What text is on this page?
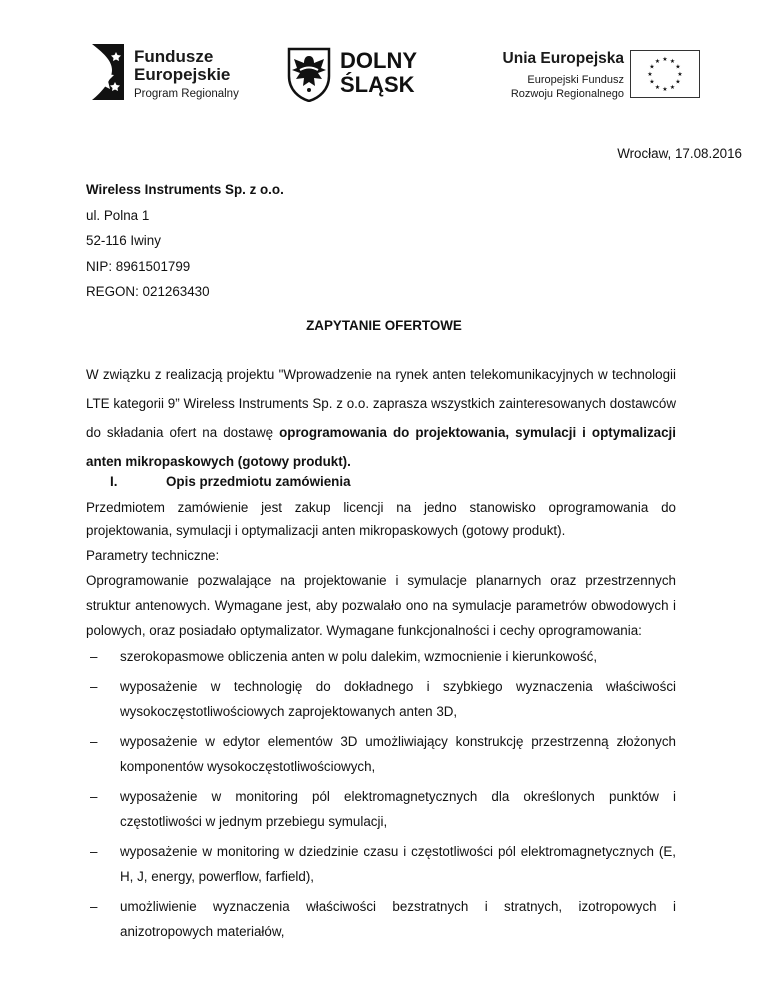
Fundusze
Europejskie
Program Regionalny
DOLNY
ŚLĄSK
Unia Europejska
Europejski Fundusz
Rozwoju Regionalnego
★ ★
★
★
★
★
★
★
★
★
★
★
Wrocław, 17.08.2016
Wireless Instruments Sp. z o.o.
ul. Polna 1
52-116 Iwiny
NIP: 8961501799
REGON: 021263430
ZAPYTANIE OFERTOWE
W związku z realizacją projektu "Wprowadzenie na rynek anten telekomunikacyjnych w technologii LTE kategorii 9” Wireless Instruments Sp. z o.o. zaprasza wszystkich zainteresowanych dostawców do składania ofert na dostawę oprogramowania do projektowania, symulacji i optymalizacji anten mikropaskowych (gotowy produkt).
I.	Opis przedmiotu zamówienia
Przedmiotem zamówienie jest zakup licencji na jedno stanowisko oprogramowania do projektowania, symulacji i optymalizacji anten mikropaskowych (gotowy produkt).
Parametry techniczne:
Oprogramowanie pozwalające na projektowanie i symulacje planarnych oraz przestrzennych struktur antenowych. Wymagane jest, aby pozwalało ono na symulacje parametrów obwodowych i polowych, oraz posiadało optymalizator. Wymagane funkcjonalności i cechy oprogramowania:
– szerokopasmowe obliczenia anten w polu dalekim, wzmocnienie i kierunkowość,
– wyposażenie w technologię do dokładnego i szybkiego wyznaczenia właściwości wysokoczęstotliwościowych zaprojektowanych anten 3D,
– wyposażenie w edytor elementów 3D umożliwiający konstrukcję przestrzenną złożonych komponentów wysokoczęstotliwościowych,
– wyposażenie w monitoring pól elektromagnetycznych dla określonych punktów i częstotliwości w jednym przebiegu symulacji,
– wyposażenie w monitoring w dziedzinie czasu i częstotliwości pól elektromagnetycznych (E, H, J, energy, powerflow, farfield),
– umożliwienie wyznaczenia właściwości bezstratnych i stratnych, izotropowych i anizotropowych materiałów,
